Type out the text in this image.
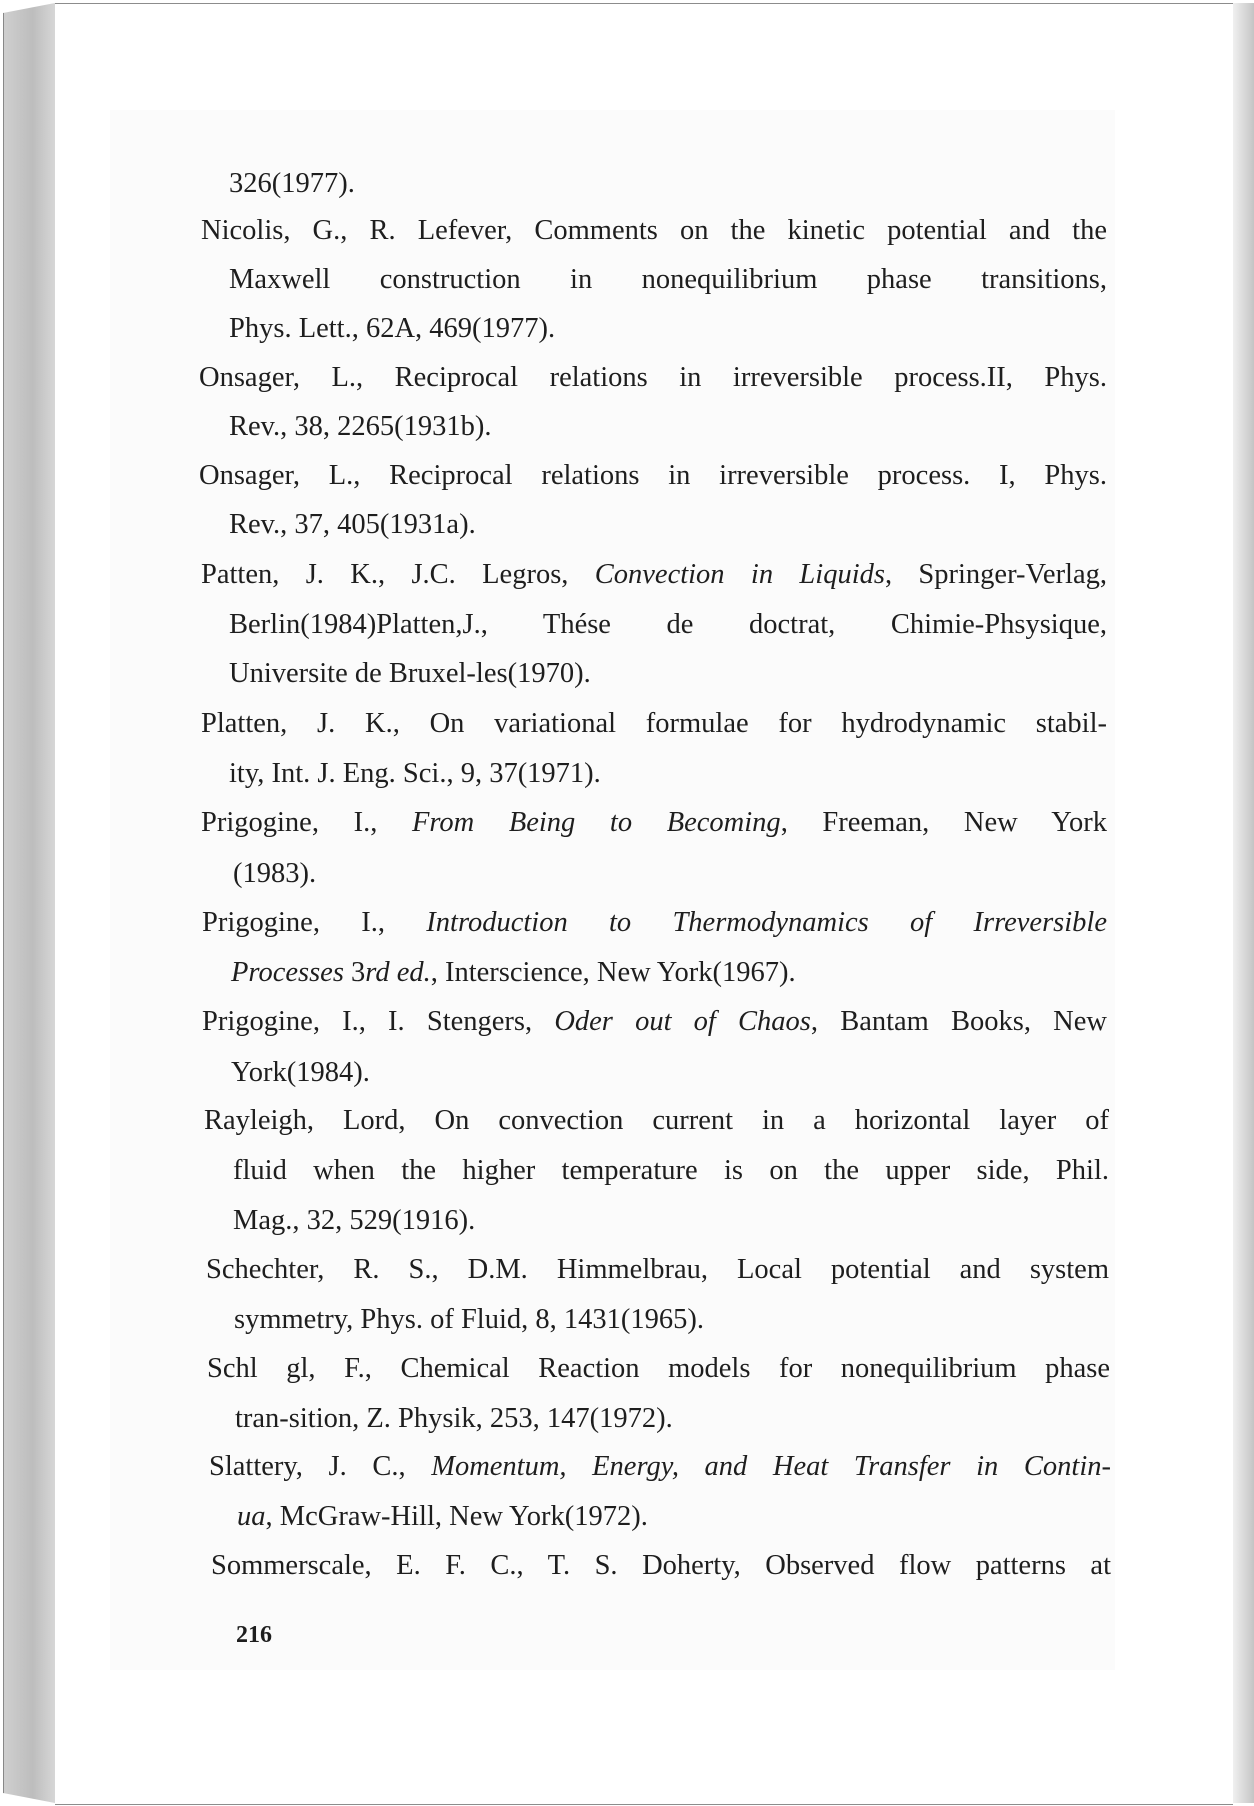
326(1977).
Nicolis, G., R. Lefever, Comments on the kinetic potential and the
Maxwell construction in nonequilibrium phase transitions,
Phys. Lett., 62A, 469(1977).
Onsager, L., Reciprocal relations in irreversible process.II, Phys.
Rev., 38, 2265(1931b).
Onsager, L., Reciprocal relations in irreversible process. I, Phys.
Rev., 37, 405(1931a).
Patten, J. K., J.C. Legros, Convection in Liquids, Springer-Verlag,
Berlin(1984)Platten,J., Thése de doctrat, Chimie-Phsysique,
Universite de Bruxel-les(1970).
Platten, J. K., On variational formulae for hydrodynamic stabil-
ity, Int. J. Eng. Sci., 9, 37(1971).
Prigogine, I., From Being to Becoming, Freeman, New York
(1983).
Prigogine, I., Introduction to Thermodynamics of Irreversible
Processes 3rd ed., Interscience, New York(1967).
Prigogine, I., I. Stengers, Oder out of Chaos, Bantam Books, New
York(1984).
Rayleigh, Lord, On convection current in a horizontal layer of
fluid when the higher temperature is on the upper side, Phil.
Mag., 32, 529(1916).
Schechter, R. S., D.M. Himmelbrau, Local potential and system
symmetry, Phys. of Fluid, 8, 1431(1965).
Schl gl, F., Chemical Reaction models for nonequilibrium phase
tran-sition, Z. Physik, 253, 147(1972).
Slattery, J. C., Momentum, Energy, and Heat Transfer in Contin-
ua, McGraw-Hill, New York(1972).
Sommerscale, E. F. C., T. S. Doherty, Observed flow patterns at
216
